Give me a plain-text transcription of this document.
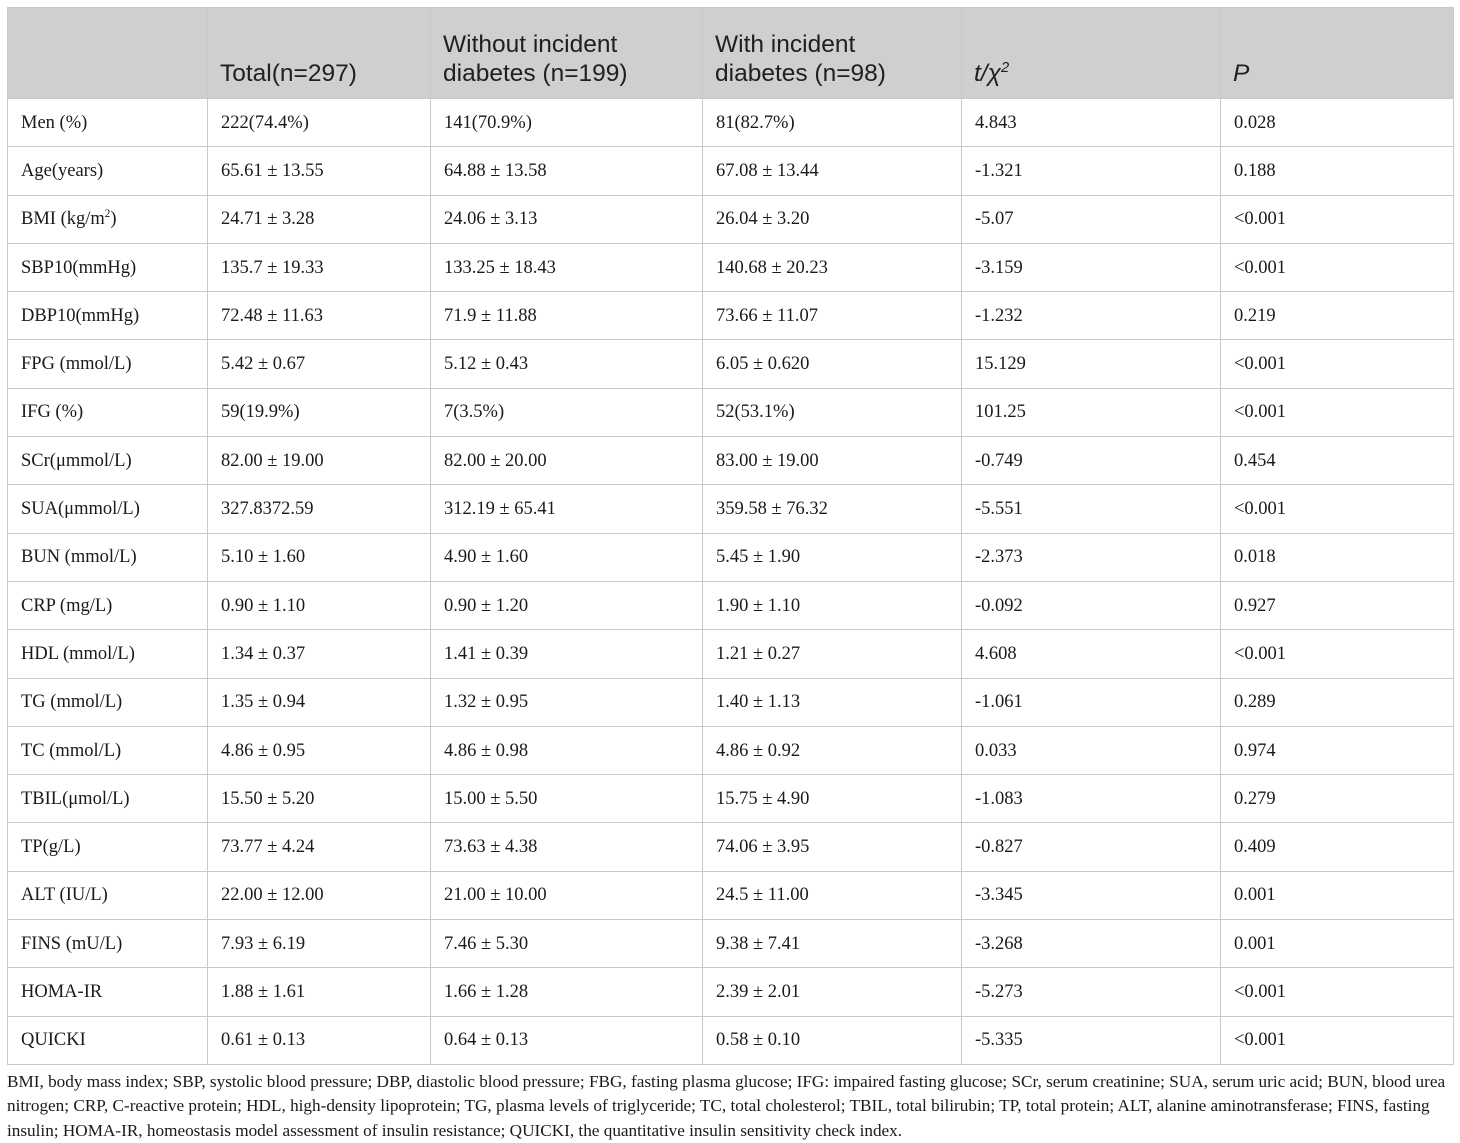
	Total(n=297)	Without incident diabetes (n=199)	With incident diabetes (n=98)	$t/\chi^2$	P
Men (%)	222(74.4%)	141(70.9%)	81(82.7%)	4.843	0.028
Age(years)	65.61 ± 13.55	64.88 ± 13.58	67.08 ± 13.44	-1.321	0.188
BMI $(kg/m^2)$	24.71 ± 3.28	24.06 ± 3.13	26.04 ± 3.20	-5.07	<0.001
SBP10(mmHg)	135.7 ± 19.33	133.25 ± 18.43	140.68 ± 20.23	-3.159	<0.001
DBP10(mmHg)	72.48 ± 11.63	71.9 ± 11.88	73.66 ± 11.07	-1.232	0.219
FPG (mmol/L)	5.42 ± 0.67	5.12 ± 0.43	6.05 ± 0.620	15.129	<0.001
IFG (%)	59(19.9%)	7(3.5%)	52(53.1%)	101.25	<0.001
SCr(μmmol/L)	82.00 ± 19.00	82.00 ± 20.00	83.00 ± 19.00	-0.749	0.454
SUA(μmmol/L)	327.8372.59	312.19 ± 65.41	359.58 ± 76.32	-5.551	<0.001
BUN (mmol/L)	5.10 ± 1.60	4.90 ± 1.60	5.45 ± 1.90	-2.373	0.018
CRP (mg/L)	0.90 ± 1.10	0.90 ± 1.20	1.90 ± 1.10	-0.092	0.927
HDL (mmol/L)	1.34 ± 0.37	1.41 ± 0.39	1.21 ± 0.27	4.608	<0.001
TG (mmol/L)	1.35 ± 0.94	1.32 ± 0.95	1.40 ± 1.13	-1.061	0.289
TC (mmol/L)	4.86 ± 0.95	4.86 ± 0.98	4.86 ± 0.92	0.033	0.974
TBIL(μmol/L)	15.50 ± 5.20	15.00 ± 5.50	15.75 ± 4.90	-1.083	0.279
TP(g/L)	73.77 ± 4.24	73.63 ± 4.38	74.06 ± 3.95	-0.827	0.409
ALT (IU/L)	22.00 ± 12.00	21.00 ± 10.00	24.5 ± 11.00	-3.345	0.001
FINS (mU/L)	7.93 ± 6.19	7.46 ± 5.30	9.38 ± 7.41	-3.268	0.001
HOMA-IR	1.88 ± 1.61	1.66 ± 1.28	2.39 ± 2.01	-5.273	<0.001
QUICKI	0.61 ± 0.13	0.64 ± 0.13	0.58 ± 0.10	-5.335	<0.001
BMI, body mass index; SBP, systolic blood pressure; DBP, diastolic blood pressure; FBG, fasting plasma glucose; IFG: impaired fasting glucose; SCr, serum creatinine; SUA, serum uric acid; BUN, blood urea nitrogen; CRP, C-reactive protein; HDL, high-density lipoprotein; TG, plasma levels of triglyceride; TC, total cholesterol; TBIL, total bilirubin; TP, total protein; ALT, alanine aminotransferase; FINS, fasting insulin; HOMA-IR, homeostasis model assessment of insulin resistance; QUICKI, the quantitative insulin sensitivity check index.
